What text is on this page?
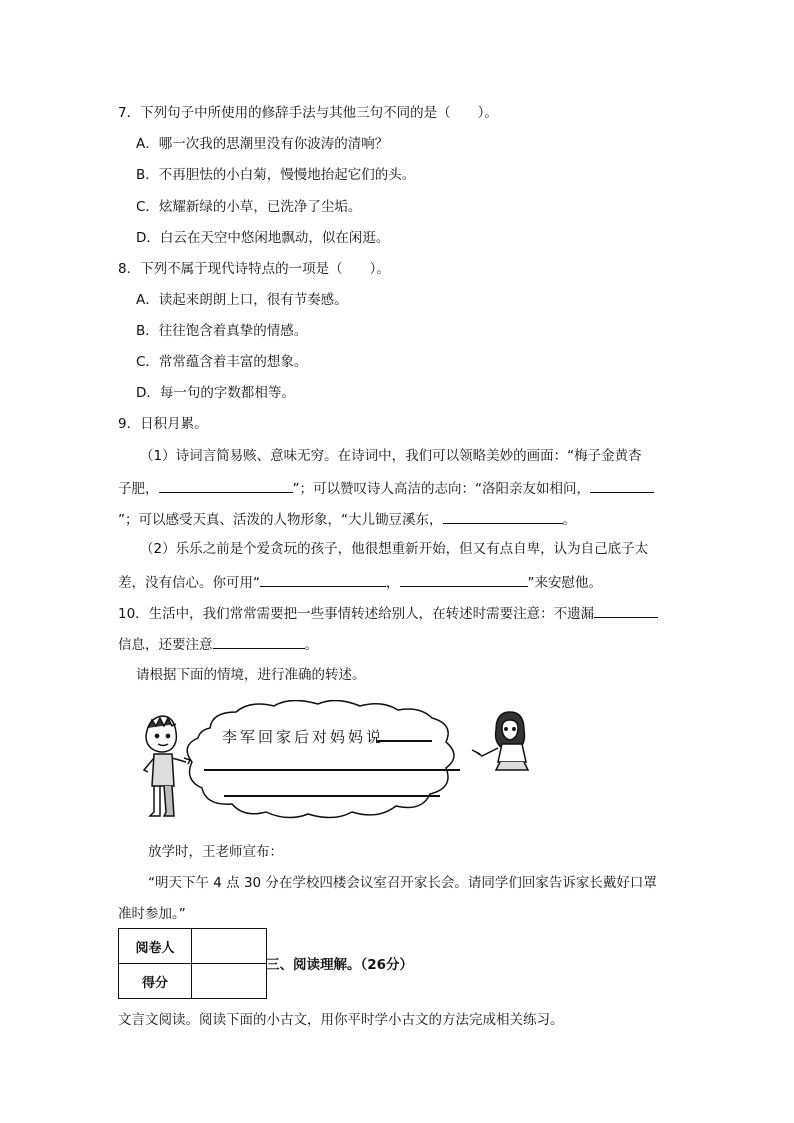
7．下列句子中所使用的修辞手法与其他三句不同的是（　　）。
A．哪一次我的思潮里没有你波涛的清响？
B．不再胆怯的小白菊，慢慢地抬起它们的头。
C．炫耀新绿的小草，已洗净了尘垢。
D．白云在天空中悠闲地飘动，似在闲逛。
8．下列不属于现代诗特点的一项是（　　）。
A．读起来朗朗上口，很有节奏感。
B．往往饱含着真挚的情感。
C．常常蕴含着丰富的想象。
D．每一句的字数都相等。
9．日积月累。
（1）诗词言简易赅、意味无穷。在诗词中，我们可以领略美妙的画面：“梅子金黄杏
子肥，	”；可以赞叹诗人高洁的志向：“洛阳亲友如相问，
”；可以感受天真、活泼的人物形象，“大儿锄豆溪东，	。
（2）乐乐之前是个爱贪玩的孩子，他很想重新开始，但又有点自卑，认为自己底子太
差，没有信心。你可用“	，	”来安慰他。
10．生活中，我们常常需要把一些事情转述给别人，在转述时需要注意：不遗漏
信息，还要注意	。
请根据下面的情境，进行准确的转述。
李军回家后对妈妈说
放学时，王老师宣布：
“明天下午 4 点 30 分在学校四楼会议室召开家长会。请同学们回家告诉家长戴好口罩
准时参加。”
阅卷人	
得分	
三、阅读理解。（26分）
文言文阅读。阅读下面的小古文，用你平时学小古文的方法完成相关练习。
